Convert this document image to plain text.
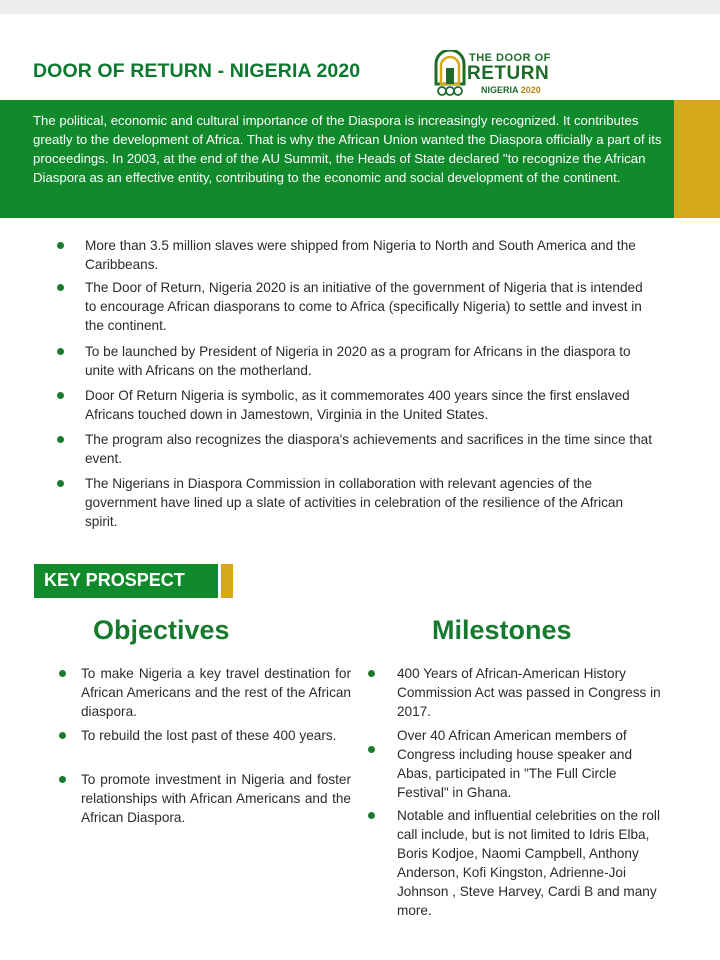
DOOR OF RETURN - NIGERIA 2020
THE DOOR OF
RETURN
NIGERIA 2020

The political, economic and cultural importance of the Diaspora is increasingly recognized. It contributes greatly to the development of Africa. That is why the African Union wanted the Diaspora officially a part of its proceedings. In 2003, at the end of the AU Summit, the Heads of State declared "to recognize the African Diaspora as an effective entity, contributing to the economic and social development of the continent.

More than 3.5 million slaves were shipped from Nigeria to North and South America and the Caribbeans.
The Door of Return, Nigeria 2020 is an initiative of the government of Nigeria that is intended to encourage African diasporans to come to Africa (specifically Nigeria) to settle and invest in the continent.
To be launched by President of Nigeria in 2020 as a program for Africans in the diaspora to unite with Africans on the motherland.
Door Of Return Nigeria is symbolic, as it commemorates 400 years since the first enslaved Africans touched down in Jamestown, Virginia in the United States.
The program also recognizes the diaspora's achievements and sacrifices in the time since that event.
The Nigerians in Diaspora Commission in collaboration with relevant agencies of the government have lined up a slate of activities in celebration of the resilience of the African spirit.
KEY PROSPECT
Objectives	Milestones
To make Nigeria a key travel destination for African Americans and the rest of the African diaspora.
To rebuild the lost past of these 400 years.
To promote investment in Nigeria and foster relationships with African Americans and the African Diaspora.
400 Years of African-American History Commission Act was passed in Congress in 2017.
Over 40 African American members of Congress including house speaker and Abas, participated in "The Full Circle Festival" in Ghana.
Notable and influential celebrities on the roll call include, but is not limited to Idris Elba, Boris Kodjoe, Naomi Campbell, Anthony Anderson, Kofi Kingston, Adrienne-Joi Johnson , Steve Harvey, Cardi B and many more.
